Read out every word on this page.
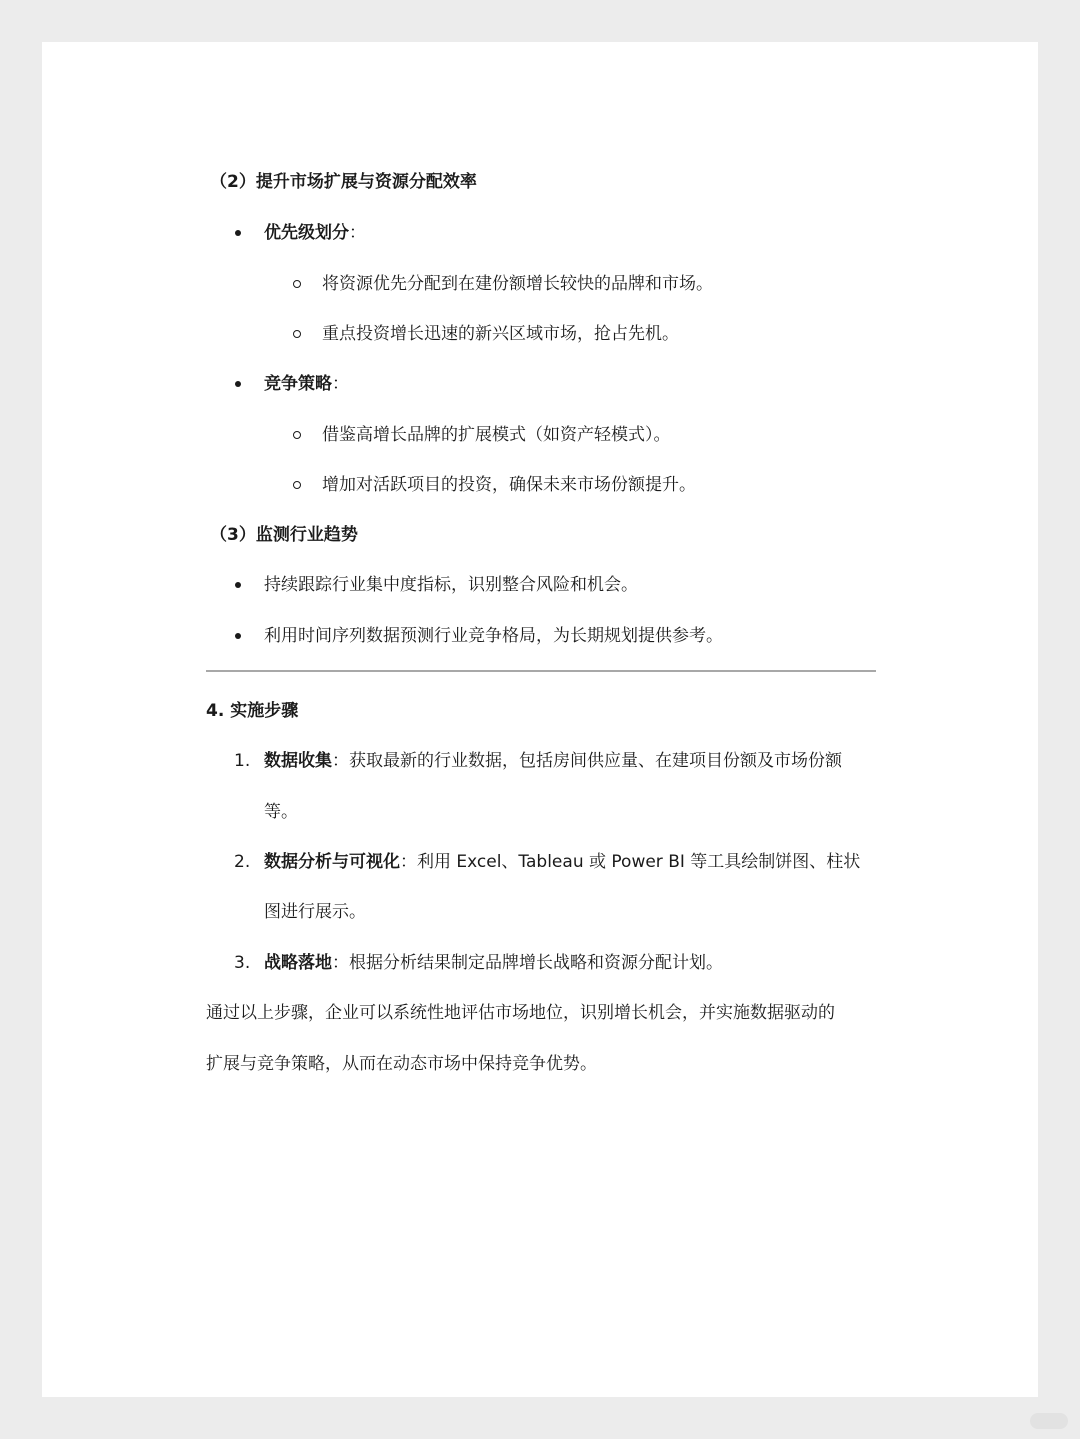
（2）提升市场扩展与资源分配效率
优先级划分：
将资源优先分配到在建份额增长较快的品牌和市场。
重点投资增长迅速的新兴区域市场，抢占先机。
竞争策略：
借鉴高增长品牌的扩展模式（如资产轻模式）。
增加对活跃项目的投资，确保未来市场份额提升。
（3）监测行业趋势
持续跟踪行业集中度指标，识别整合风险和机会。
利用时间序列数据预测行业竞争格局，为长期规划提供参考。
4. 实施步骤
1. 数据收集：获取最新的行业数据，包括房间供应量、在建项目份额及市场份额
等。
2. 数据分析与可视化：利用 Excel、Tableau 或 Power BI 等工具绘制饼图、柱状
图进行展示。
3. 战略落地：根据分析结果制定品牌增长战略和资源分配计划。
通过以上步骤，企业可以系统性地评估市场地位，识别增长机会，并实施数据驱动的
扩展与竞争策略，从而在动态市场中保持竞争优势。
